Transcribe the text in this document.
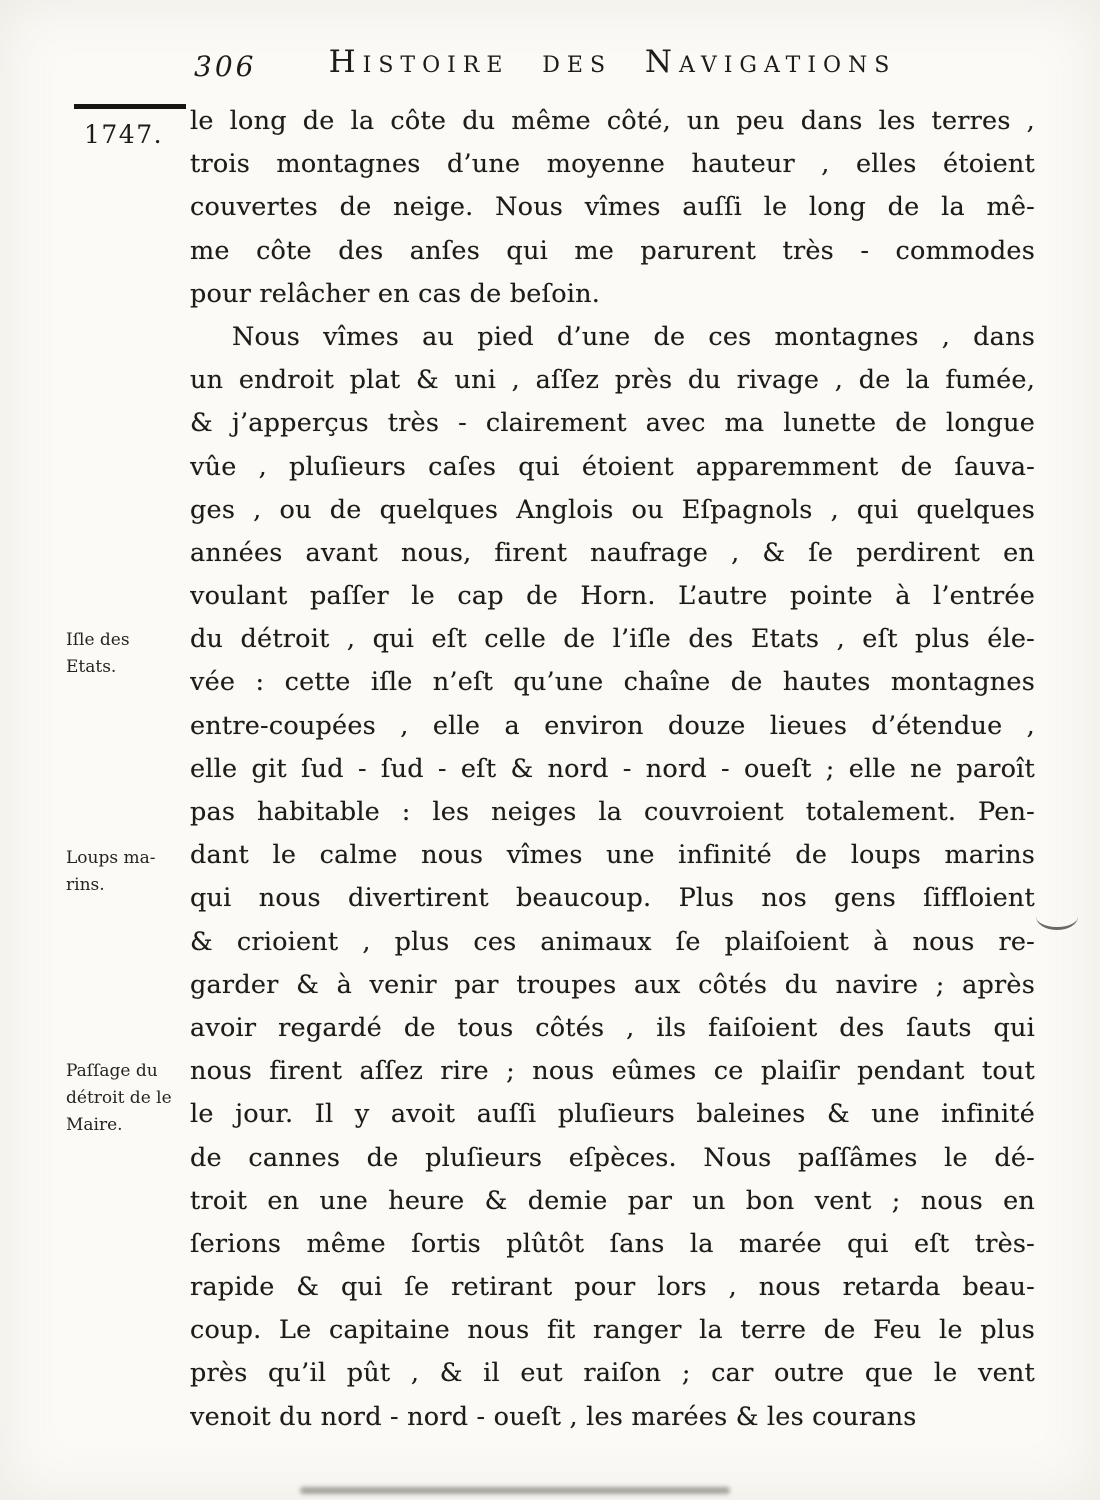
306	Histoire des Navigations
1747.
Iſle des
Etats.
Loups ma-
rins.
Paſſage du
détroit de le
Maire.
le long de la côte du même côté, un peu dans les terres ,
trois montagnes d’une moyenne hauteur , elles étoient
couvertes de neige. Nous vîmes auſſi le long de la mê-
me côte des anſes qui me parurent très - commodes
pour relâcher en cas de beſoin.
Nous vîmes au pied d’une de ces montagnes , dans
un endroit plat & uni , aſſez près du rivage , de la fumée,
& j’apperçus très - clairement avec ma lunette de longue
vûe , pluſieurs caſes qui étoient apparemment de ſauva-
ges , ou de quelques Anglois ou Eſpagnols , qui quelques
années avant nous, firent naufrage , & ſe perdirent en
voulant paſſer le cap de Horn. L’autre pointe à l’entrée
du détroit , qui eſt celle de l’iſle des Etats , eſt plus éle-
vée : cette iſle n’eſt qu’une chaîne de hautes montagnes
entre-coupées , elle a environ douze lieues d’étendue ,
elle git ſud - ſud - eſt & nord - nord - oueſt ; elle ne paroît
pas habitable : les neiges la couvroient totalement. Pen-
dant le calme nous vîmes une infinité de loups marins
qui nous divertirent beaucoup. Plus nos gens ſiffloient
& crioient , plus ces animaux ſe plaiſoient à nous re-
garder & à venir par troupes aux côtés du navire ; après
avoir regardé de tous côtés , ils faiſoient des ſauts qui
nous firent aſſez rire ; nous eûmes ce plaiſir pendant tout
le jour. Il y avoit auſſi pluſieurs baleines & une infinité
de cannes de pluſieurs eſpèces. Nous paſſâmes le dé-
troit en une heure & demie par un bon vent ; nous en
ſerions même ſortis plûtôt ſans la marée qui eſt très-
rapide & qui ſe retirant pour lors , nous retarda beau-
coup. Le capitaine nous fit ranger la terre de Feu le plus
près qu’il pût , & il eut raiſon ; car outre que le vent
venoit du nord - nord - oueſt , les marées & les courans
